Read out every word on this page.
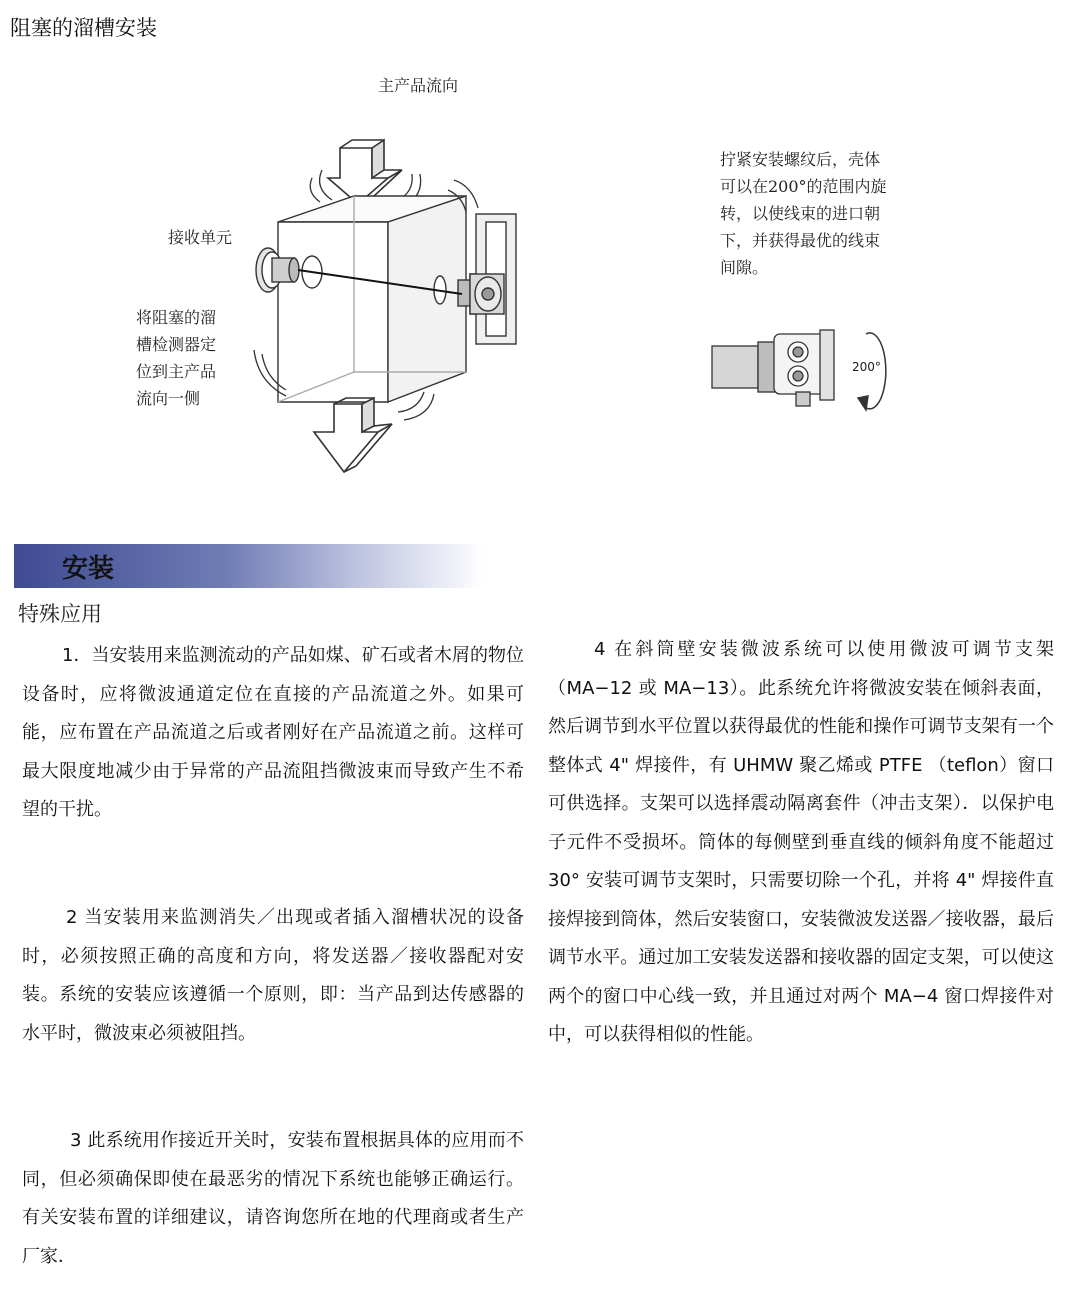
阻塞的溜槽安装
主产品流向
接收单元
将阻塞的溜
槽检测器定
位到主产品
流向一侧
拧紧安装螺纹后，壳体
可以在200°的范围内旋
转，以使线束的进口朝
下，并获得最优的线束
间隙。
200°
安装
特殊应用
1．当安装用来监测流动的产品如煤、矿石或者木屑的物位设备时，应将微波通道定位在直接的产品流道之外。如果可能，应布置在产品流道之后或者刚好在产品流道之前。这样可最大限度地减少由于异常的产品流阻挡微波束而导致产生不希望的干扰。
2 当安装用来监测消失／出现或者插入溜槽状况的设备时，必须按照正确的高度和方向，将发送器／接收器配对安装。系统的安装应该遵循一个原则，即：当产品到达传感器的水平时，微波束必须被阻挡。
3 此系统用作接近开关时，安装布置根据具体的应用而不同，但必须确保即使在最恶劣的情况下系统也能够正确运行。有关安装布置的详细建议，请咨询您所在地的代理商或者生产厂家．
4 在斜筒壁安装微波系统可以使用微波可调节支架（MA−12 或 MA−13）。此系统允许将微波安装在倾斜表面，然后调节到水平位置以获得最优的性能和操作可调节支架有一个整体式 4" 焊接件，有 UHMW 聚乙烯或 PTFE （teflon）窗口可供选择。支架可以选择震动隔离套件（冲击支架）．以保护电子元件不受损坏。筒体的每侧壁到垂直线的倾斜角度不能超过 30° 安装可调节支架时，只需要切除一个孔，并将 4" 焊接件直接焊接到筒体，然后安装窗口，安装微波发送器／接收器，最后调节水平。通过加工安装发送器和接收器的固定支架，可以使这两个的窗口中心线一致，并且通过对两个 MA−4 窗口焊接件对中，可以获得相似的性能。
